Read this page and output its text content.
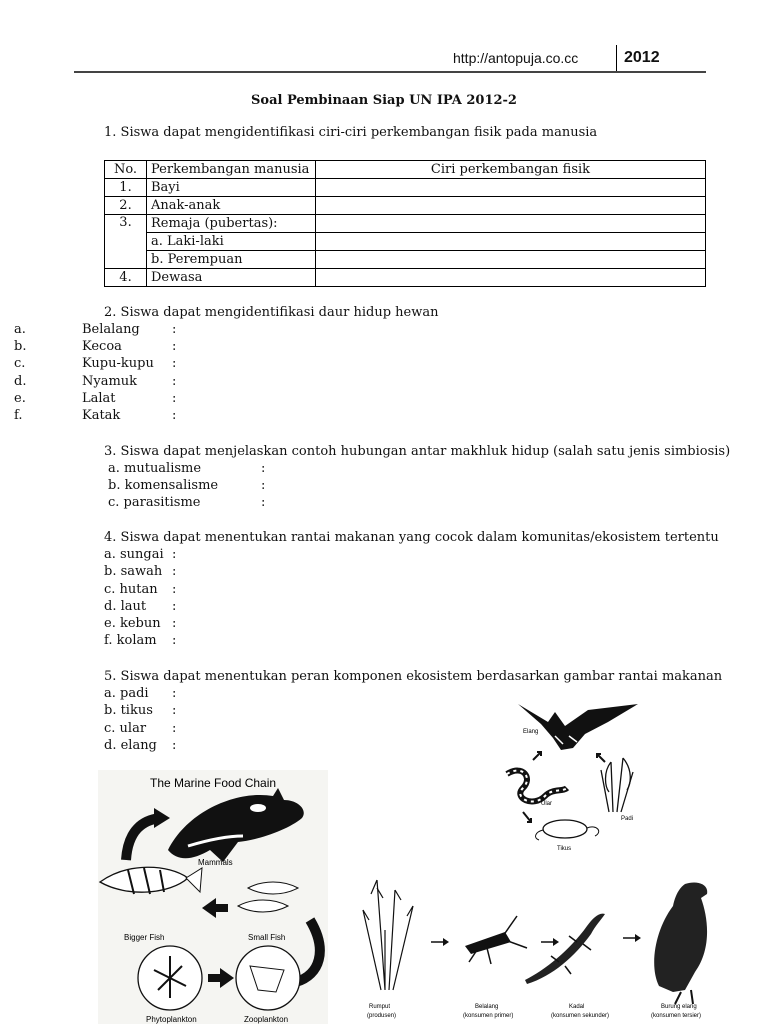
http://antopuja.co.cc	2012
Soal Pembinaan Siap UN IPA 2012-2
1. Siswa dapat mengidentifikasi ciri-ciri perkembangan fisik pada manusia
No.	Perkembangan manusia	Ciri perkembangan fisik
1.	Bayi	
2.	Anak-anak	
3.	Remaja (pubertas):	
	a. Laki-laki	
	b. Perempuan	
4.	Dewasa	
2. Siswa dapat mengidentifikasi daur hidup hewan
a.	Belalang :
b.	Kecoa	:
c.	Kupu-kupu :
d.	Nyamuk	:
e.	Lalat	:
f.	Katak	:
3. Siswa dapat menjelaskan contoh hubungan antar makhluk hidup (salah satu jenis simbiosis)
a. mutualisme	:
b. komensalisme	:
c. parasitisme	:
4. Siswa dapat menentukan rantai makanan yang cocok dalam komunitas/ekosistem tertentu
a. sungai :
b. sawah :
c. hutan :
d. laut :
e. kebun :
f. kolam :
5. Siswa dapat menentukan peran komponen ekosistem berdasarkan gambar rantai makanan
a. padi :
b. tikus :
c. ular :
d. elang :
Elang
Ular
Padi
Tikus
The Marine Food Chain
Mammals
Bigger Fish	Small Fish
Phytoplankton	Zooplankton
Rumput
(produsen)
Belalang
(konsumen primer)
Kadal
(konsumen sekunder)
Burung elang
(konsumen tersier)
